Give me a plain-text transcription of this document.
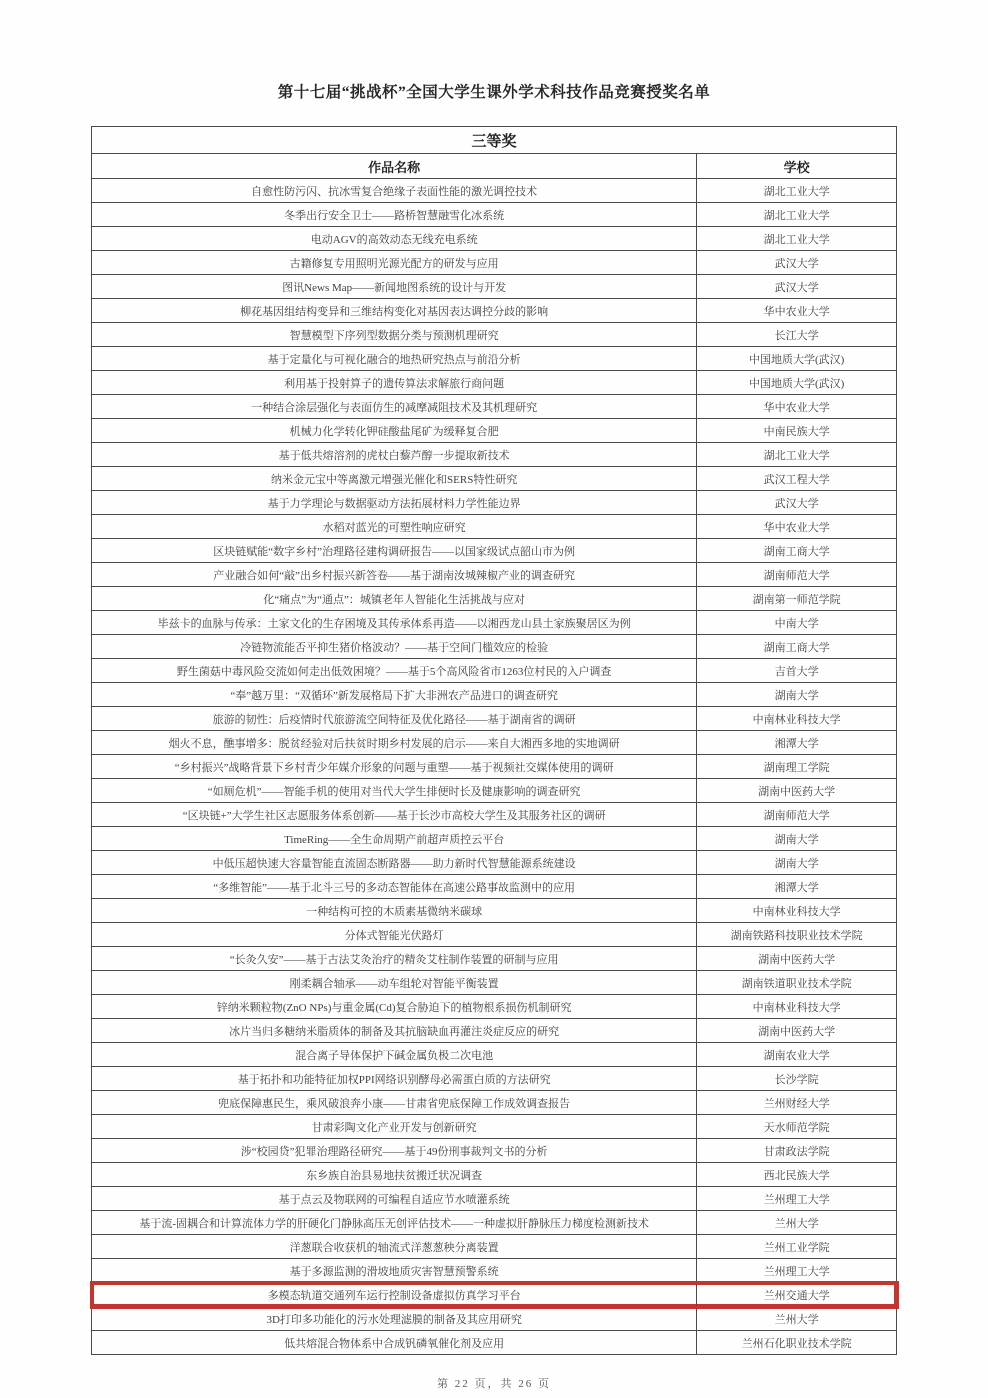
第十七届“挑战杯”全国大学生课外学术科技作品竞赛授奖名单
三等奖	
作品名称	学校
自愈性防污闪、抗冰雪复合绝缘子表面性能的激光调控技术	湖北工业大学
冬季出行安全卫士——路桥智慧融雪化冰系统	湖北工业大学
电动AGV的高效动态无线充电系统	湖北工业大学
古籍修复专用照明光源光配方的研发与应用	武汉大学
图讯News Map——新闻地图系统的设计与开发	武汉大学
柳花基因组结构变异和三维结构变化对基因表达调控分歧的影响	华中农业大学
智慧模型下序列型数据分类与预测机理研究	长江大学
基于定量化与可视化融合的地热研究热点与前沿分析	中国地质大学(武汉)
利用基于投射算子的遗传算法求解旅行商问题	中国地质大学(武汉)
一种结合涂层强化与表面仿生的减摩减阻技术及其机理研究	华中农业大学
机械力化学转化钾硅酸盐尾矿为缓释复合肥	中南民族大学
基于低共熔溶剂的虎杖白藜芦醇一步提取新技术	湖北工业大学
纳米金元宝中等离激元增强光催化和SERS特性研究	武汉工程大学
基于力学理论与数据驱动方法拓展材料力学性能边界	武汉大学
水稻对蓝光的可塑性响应研究	华中农业大学
区块链赋能“数字乡村”治理路径建构调研报告——以国家级试点韶山市为例	湖南工商大学
产业融合如何“敲”出乡村振兴新答卷——基于湖南汝城辣椒产业的调查研究	湖南师范大学
化“痛点”为“通点”：城镇老年人智能化生活挑战与应对	湖南第一师范学院
毕兹卡的血脉与传承：土家文化的生存困境及其传承体系再造——以湘西龙山县土家族聚居区为例	中南大学
冷链物流能否平抑生猪价格波动？——基于空间门槛效应的检验	湖南工商大学
野生菌菇中毒风险交流如何走出低效困境？——基于5个高风险省市1263位村民的入户调查	吉首大学
“奉”越万里：“双循环”新发展格局下扩大非洲农产品进口的调查研究	湖南大学
旅游的韧性：后疫情时代旅游流空间特征及优化路径——基于湖南省的调研	中南林业科技大学
烟火不息，醮事增多：脱贫经验对后扶贫时期乡村发展的启示——来自大湘西多地的实地调研	湘潭大学
“乡村振兴”战略背景下乡村青少年媒介形象的问题与重塑——基于视频社交媒体使用的调研	湖南理工学院
“如厕危机”——智能手机的使用对当代大学生排便时长及健康影响的调查研究	湖南中医药大学
“区块链+”大学生社区志愿服务体系创新——基于长沙市高校大学生及其服务社区的调研	湖南师范大学
TimeRing——全生命周期产前超声质控云平台	湖南大学
中低压超快速大容量智能直流固态断路器——助力新时代智慧能源系统建设	湖南大学
“多维智能”——基于北斗三号的多动态智能体在高速公路事故监测中的应用	湘潭大学
一种结构可控的木质素基微纳米碳球	中南林业科技大学
分体式智能光伏路灯	湖南铁路科技职业技术学院
“长灸久安”——基于古法艾灸治疗的精灸艾柱制作装置的研制与应用	湖南中医药大学
刚柔耦合轴承——动车组轮对智能平衡装置	湖南铁道职业技术学院
锌纳米颗粒物(ZnO NPs)与重金属(Cd)复合胁迫下的植物根系损伤机制研究	中南林业科技大学
冰片当归多糖纳米脂质体的制备及其抗脑缺血再灌注炎症反应的研究	湖南中医药大学
混合离子导体保护下碱金属负极二次电池	湖南农业大学
基于拓扑和功能特征加权PPI网络识别酵母必需蛋白质的方法研究	长沙学院
兜底保障惠民生，乘风破浪奔小康——甘肃省兜底保障工作成效调查报告	兰州财经大学
甘肃彩陶文化产业开发与创新研究	天水师范学院
涉“校园贷”犯罪治理路径研究——基于49份刑事裁判文书的分析	甘肃政法学院
东乡族自治县易地扶贫搬迁状况调查	西北民族大学
基于点云及物联网的可编程自适应节水喷灌系统	兰州理工大学
基于流-固耦合和计算流体力学的肝硬化门静脉高压无创评估技术——一种虚拟肝静脉压力梯度检测新技术	兰州大学
洋葱联合收获机的轴流式洋葱葱秧分离装置	兰州工业学院
基于多源监测的滑坡地质灾害智慧预警系统	兰州理工大学
多模态轨道交通列车运行控制设备虚拟仿真学习平台	兰州交通大学
3D打印多功能化的污水处理滤膜的制备及其应用研究	兰州大学
低共熔混合物体系中合成钒磷氧催化剂及应用	兰州石化职业技术学院
第 22 页，共 26 页
